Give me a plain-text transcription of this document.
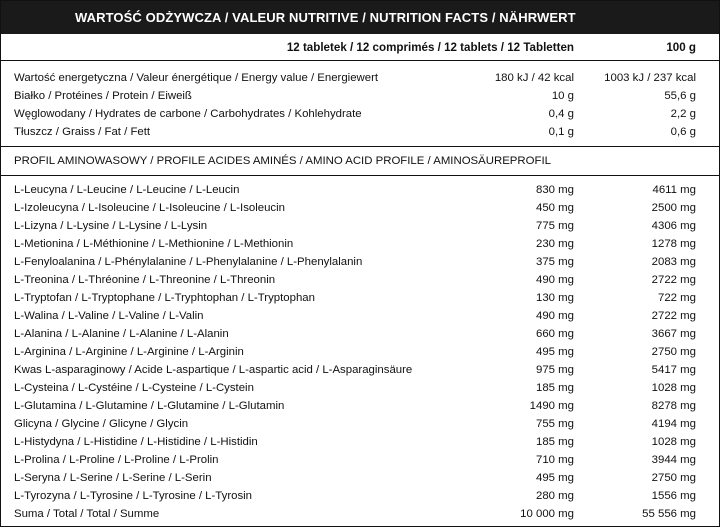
WARTOŚĆ ODŻYWCZA / VALEUR NUTRITIVE / NUTRITION FACTS / NÄHRWERT
12 tabletek / 12 comprimés / 12 tablets / 12 Tabletten	100 g
Wartość energetyczna / Valeur énergétique / Energy value / Energiewert	180 kJ / 42 kcal	1003 kJ / 237 kcal
Białko / Protéines / Protein / Eiweiß	10 g	55,6 g
Węglowodany / Hydrates de carbone / Carbohydrates / Kohlehydrate	0,4 g	2,2 g
Tłuszcz / Graiss / Fat / Fett	0,1 g	0,6 g
PROFIL AMINOWASOWY / PROFILE ACIDES AMINÉS / AMINO ACID PROFILE / AMINOSÄUREPROFIL
L-Leucyna / L-Leucine / L-Leucine / L-Leucin	830 mg	4611 mg
L-Izoleucyna / L-Isoleucine / L-Isoleucine / L-Isoleucin	450 mg	2500 mg
L-Lizyna / L-Lysine / L-Lysine / L-Lysin	775 mg	4306 mg
L-Metionina / L-Méthionine / L-Methionine / L-Methionin	230 mg	1278 mg
L-Fenyloalanina / L-Phénylalanine / L-Phenylalanine / L-Phenylalanin	375 mg	2083 mg
L-Treonina / L-Thréonine / L-Threonine / L-Threonin	490 mg	2722 mg
L-Tryptofan / L-Tryptophane / L-Tryphtophan / L-Tryptophan	130 mg	722 mg
L-Walina / L-Valine / L-Valine / L-Valin	490 mg	2722 mg
L-Alanina / L-Alanine / L-Alanine / L-Alanin	660 mg	3667 mg
L-Arginina / L-Arginine / L-Arginine / L-Arginin	495 mg	2750 mg
Kwas L-asparaginowy / Acide L-aspartique / L-aspartic acid / L-Asparaginsäure	975 mg	5417 mg
L-Cysteina / L-Cystéine / L-Cysteine / L-Cystein	185 mg	1028 mg
L-Glutamina / L-Glutamine / L-Glutamine / L-Glutamin	1490 mg	8278 mg
Glicyna / Glycine / Glicyne / Glycin	755 mg	4194 mg
L-Histydyna / L-Histidine / L-Histidine / L-Histidin	185 mg	1028 mg
L-Prolina / L-Proline / L-Proline / L-Prolin	710 mg	3944 mg
L-Seryna / L-Serine / L-Serine / L-Serin	495 mg	2750 mg
L-Tyrozyna / L-Tyrosine / L-Tyrosine / L-Tyrosin	280 mg	1556 mg
Suma / Total / Total / Summe	10 000 mg	55 556 mg
